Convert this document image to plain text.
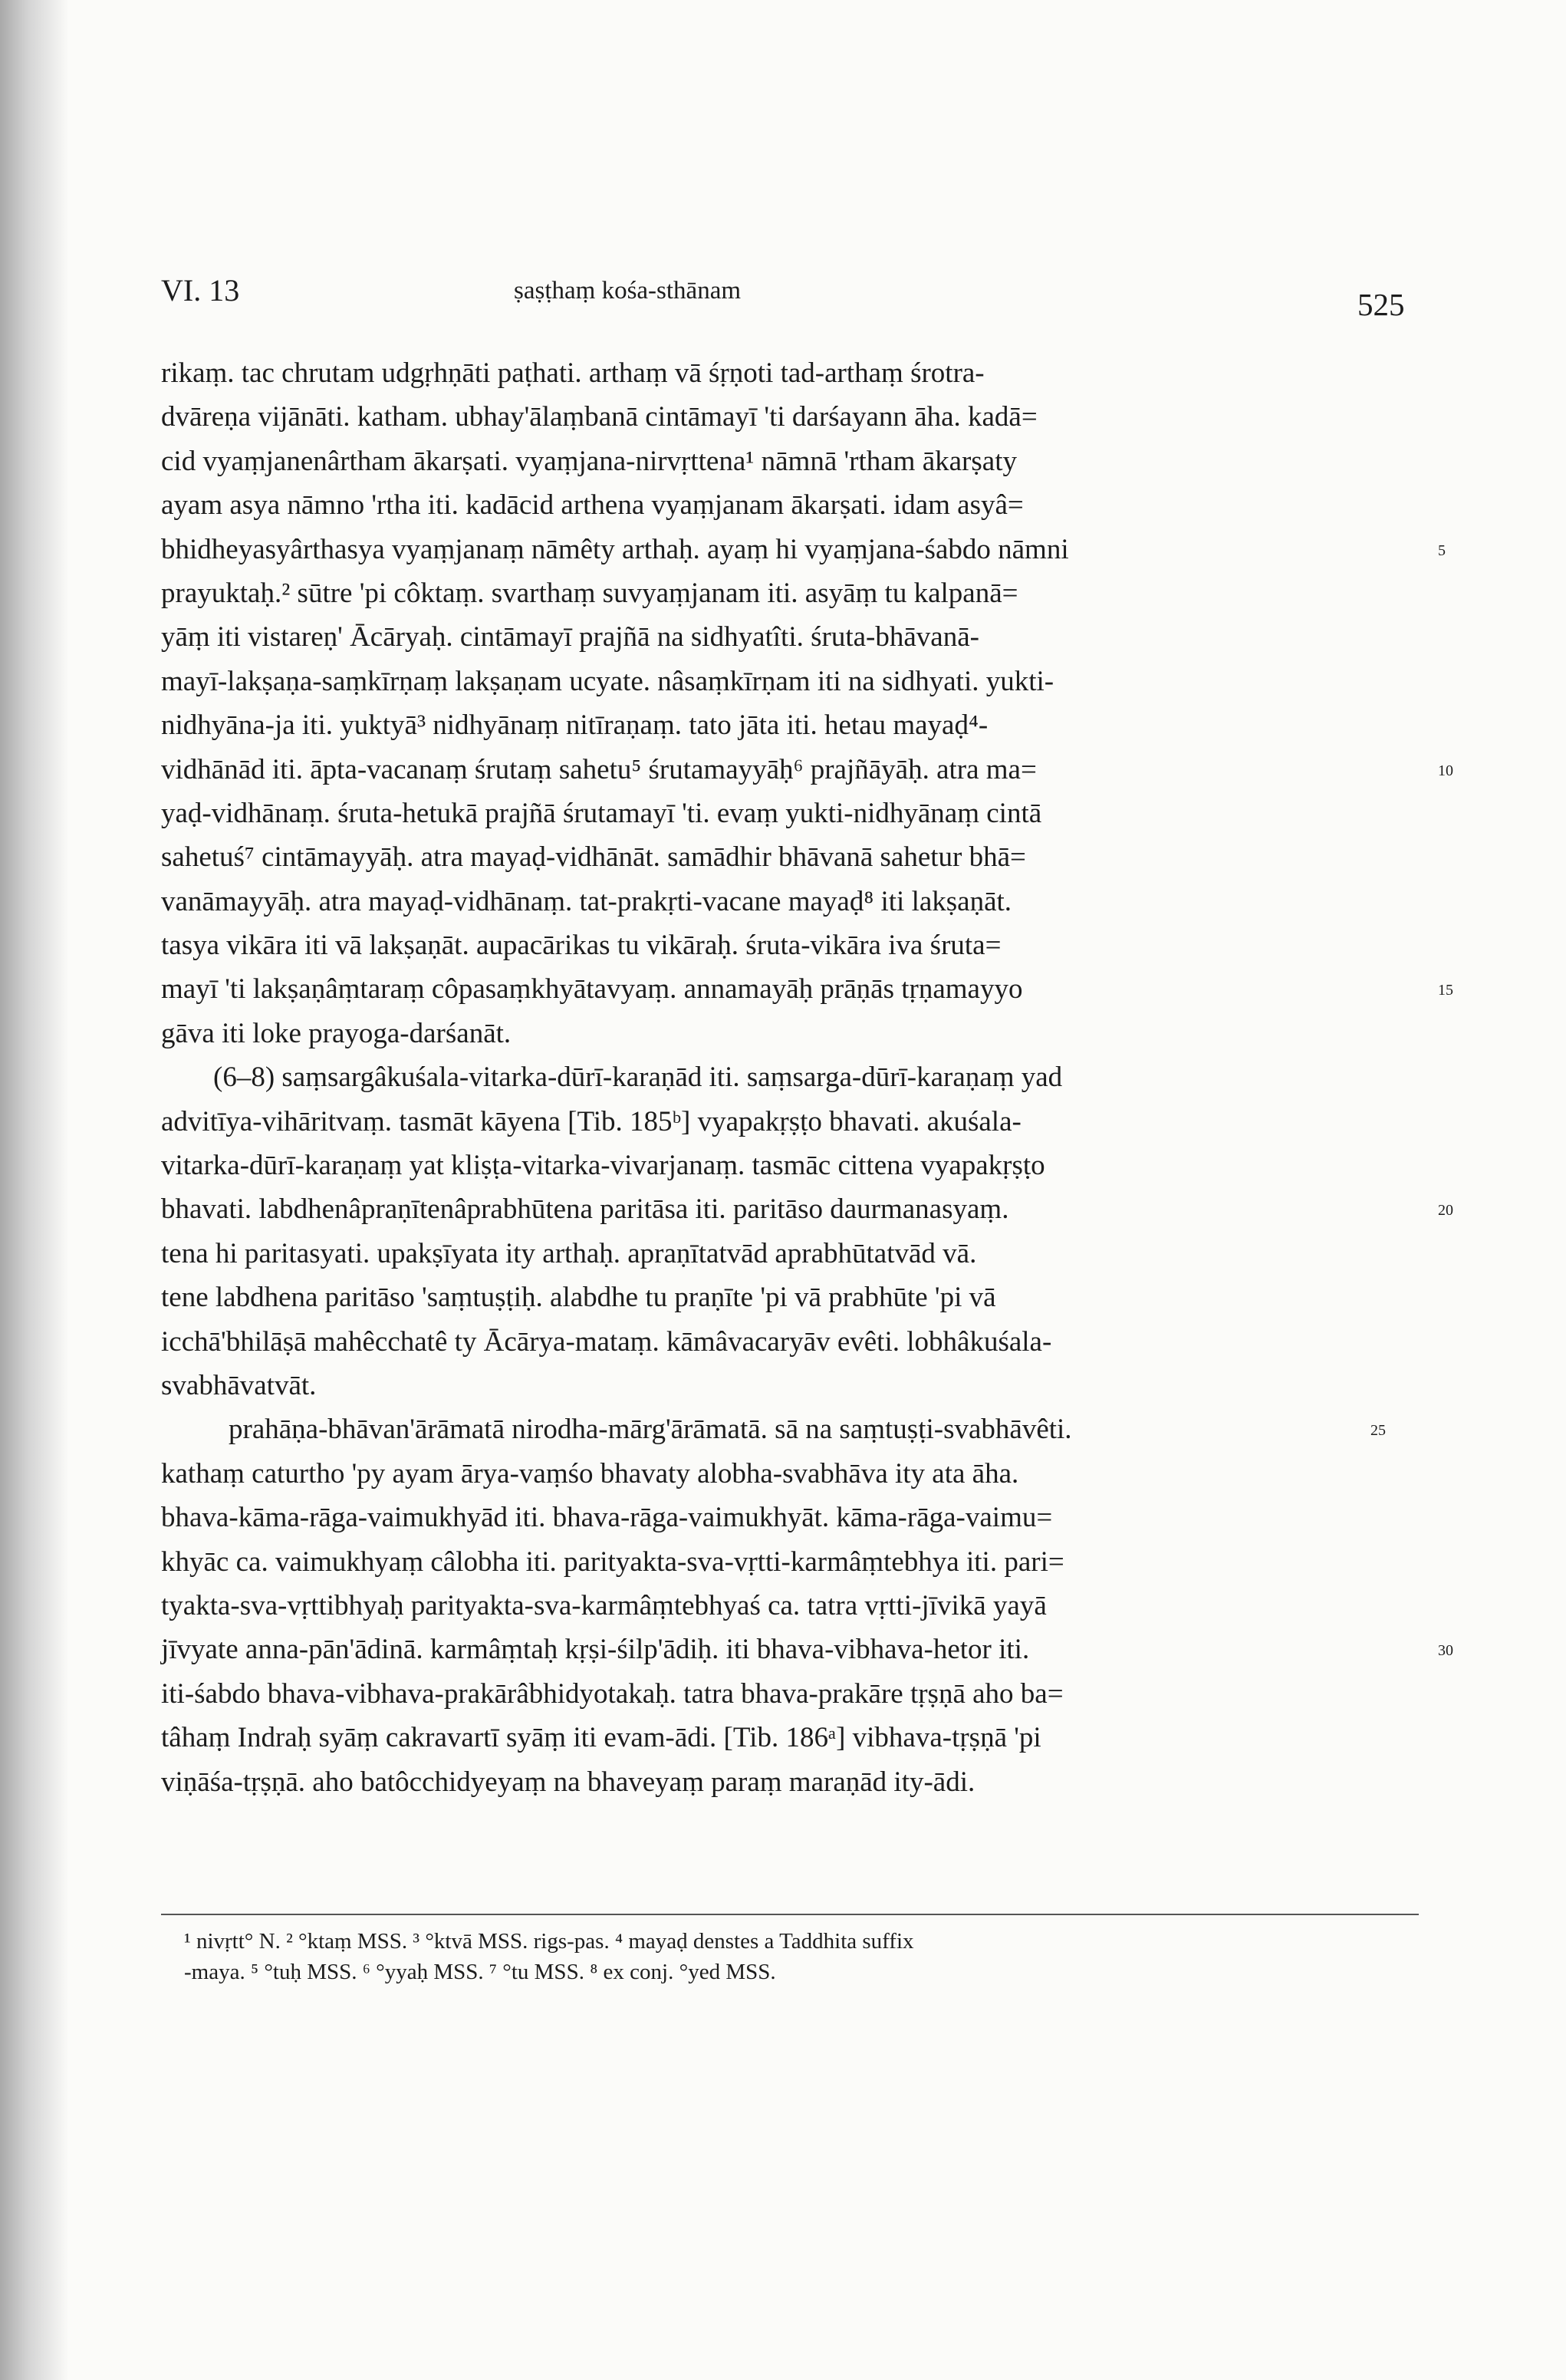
VI. 13	ṣaṣṭhaṃ kośa-sthānam	525
rikaṃ. tac chrutam udgṛhṇāti paṭhati. arthaṃ vā śṛṇoti tad-arthaṃ śrotra-
dvāreṇa vijānāti. katham. ubhay'ālaṃbanā cintāmayī 'ti darśayann āha. kadā=
cid vyaṃjanenârtham ākarṣati. vyaṃjana-nirvṛttena¹ nāmnā 'rtham ākarṣaty
ayam asya nāmno 'rtha iti. kadācid arthena vyaṃjanam ākarṣati. idam asyâ=
bhidheyasyârthasya vyaṃjanaṃ nāmêty arthaḥ. ayaṃ hi vyaṃjana-śabdo nāmni	5
prayuktaḥ.² sūtre 'pi côktaṃ. svarthaṃ suvyaṃjanam iti. asyāṃ tu kalpanā=
yāṃ iti vistareṇ' Ācāryaḥ. cintāmayī prajñā na sidhyatîti. śruta-bhāvanā-
mayī-lakṣaṇa-saṃkīrṇaṃ lakṣaṇam ucyate. nâsaṃkīrṇam iti na sidhyati. yukti-
nidhyāna-ja iti. yuktyā³ nidhyānaṃ nitīraṇaṃ. tato jāta iti. hetau mayaḍ⁴-
vidhānād iti. āpta-vacanaṃ śrutaṃ sahetu⁵ śrutamayyāḥ⁶ prajñāyāḥ. atra ma=	10
yaḍ-vidhānaṃ. śruta-hetukā prajñā śrutamayī 'ti. evaṃ yukti-nidhyānaṃ cintā
sahetuś⁷ cintāmayyāḥ. atra mayaḍ-vidhānāt. samādhir bhāvanā sahetur bhā=
vanāmayyāḥ. atra mayaḍ-vidhānaṃ. tat-prakṛti-vacane mayaḍ⁸ iti lakṣaṇāt.
tasya vikāra iti vā lakṣaṇāt. aupacārikas tu vikāraḥ. śruta-vikāra iva śruta=
mayī 'ti lakṣaṇâṃtaraṃ côpasaṃkhyātavyaṃ. annamayāḥ prāṇās tṛṇamayyo	15
gāva iti loke prayoga-darśanāt.
(6–8) saṃsargâkuśala-vitarka-dūrī-karaṇād iti. saṃsarga-dūrī-karaṇaṃ yad
advitīya-vihāritvaṃ. tasmāt kāyena [Tib. 185ᵇ] vyapakṛṣṭo bhavati. akuśala-
vitarka-dūrī-karaṇaṃ yat kliṣṭa-vitarka-vivarjanaṃ. tasmāc cittena vyapakṛṣṭo
bhavati. labdhenâpraṇītenâprabhūtena paritāsa iti. paritāso daurmanasyaṃ.	20
tena hi paritasyati. upakṣīyata ity arthaḥ. apraṇītatvād aprabhūtatvād vā.
tene labdhena paritāso 'saṃtuṣṭiḥ. alabdhe tu praṇīte 'pi vā prabhūte 'pi vā
icchā'bhilāṣā mahêcchatê ty Ācārya-mataṃ. kāmâvacaryāv evêti. lobhâkuśala-
svabhāvatvāt.
prahāṇa-bhāvan'ārāmatā nirodha-mārg'ārāmatā. sā na saṃtuṣṭi-svabhāvêti.	25
kathaṃ caturtho 'py ayam ārya-vaṃśo bhavaty alobha-svabhāva ity ata āha.
bhava-kāma-rāga-vaimukhyād iti. bhava-rāga-vaimukhyāt. kāma-rāga-vaimu=
khyāc ca. vaimukhyaṃ câlobha iti. parityakta-sva-vṛtti-karmâṃtebhya iti. pari=
tyakta-sva-vṛttibhyaḥ parityakta-sva-karmâṃtebhyaś ca. tatra vṛtti-jīvikā yayā
jīvyate anna-pān'ādinā. karmâṃtaḥ kṛṣi-śilp'ādiḥ. iti bhava-vibhava-hetor iti.	30
iti-śabdo bhava-vibhava-prakārâbhidyotakaḥ. tatra bhava-prakāre tṛṣṇā aho ba=
tâhaṃ Indraḥ syāṃ cakravartī syāṃ iti evam-ādi. [Tib. 186ᵃ] vibhava-tṛṣṇā 'pi
viṇāśa-tṛṣṇā. aho batôcchidyeyaṃ na bhaveyaṃ paraṃ maraṇād ity-ādi.
¹ nivṛtt° N. ² °ktaṃ MSS. ³ °ktvā MSS. rigs-pas. ⁴ mayaḍ denstes a Taddhita suffix
-maya. ⁵ °tuḥ MSS. ⁶ °yyaḥ MSS. ⁷ °tu MSS. ⁸ ex conj. °yed MSS.
